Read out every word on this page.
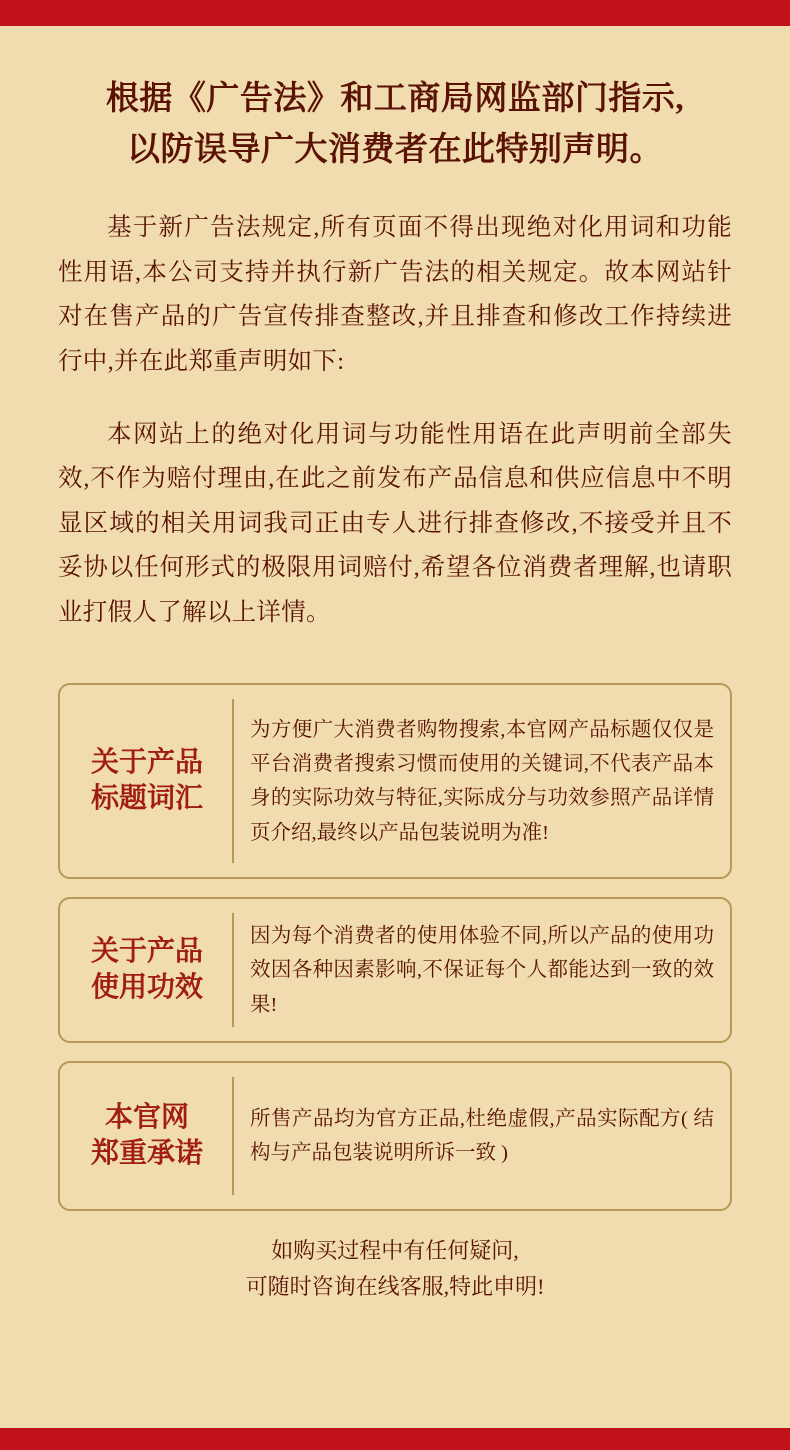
根据《广告法》和工商局网监部门指示,
以防误导广大消费者在此特别声明。

基于新广告法规定,所有页面不得出现绝对化用词和功能性用语,本公司支持并执行新广告法的相关规定。故本网站针对在售产品的广告宣传排查整改,并且排查和修改工作持续进行中,并在此郑重声明如下:

本网站上的绝对化用词与功能性用语在此声明前全部失效,不作为赔付理由,在此之前发布产品信息和供应信息中不明显区域的相关用词我司正由专人进行排查修改,不接受并且不妥协以任何形式的极限用词赔付,希望各位消费者理解,也请职业打假人了解以上详情。

关于产品
标题词汇
为方便广大消费者购物搜索,本官网产品标题仅仅是平台消费者搜索习惯而使用的关键词,不代表产品本身的实际功效与特征,实际成分与功效参照产品详情页介绍,最终以产品包装说明为准!
关于产品
使用功效
因为每个消费者的使用体验不同,所以产品的使用功效因各种因素影响,不保证每个人都能达到一致的效果!
本官网
郑重承诺
所售产品均为官方正品,杜绝虚假,产品实际配方( 结构与产品包装说明所诉一致 )
如购买过程中有任何疑问,
可随时咨询在线客服,特此申明!
